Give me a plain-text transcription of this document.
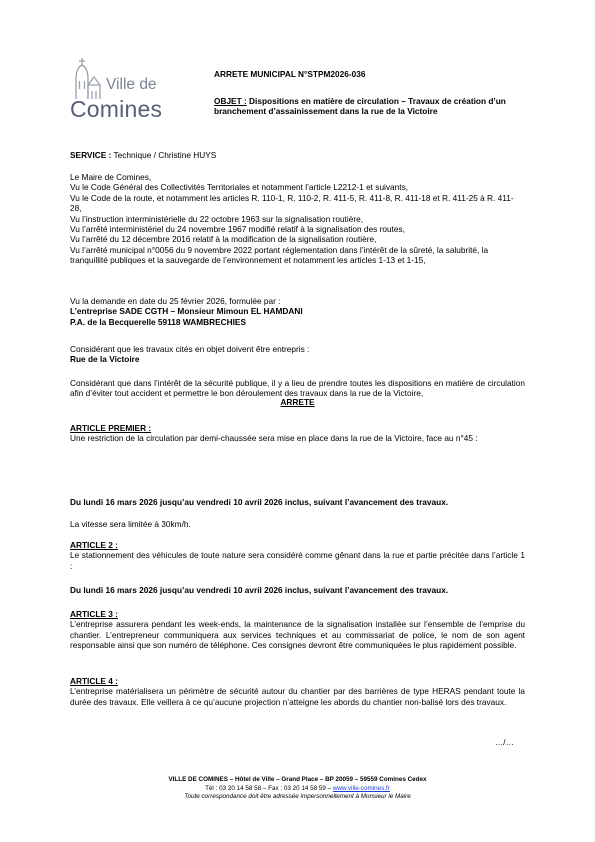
Ville de
Comines
ARRETE MUNICIPAL N°STPM2026-036
OBJET : Dispositions en matière de circulation – Travaux de création d’un branchement d’assainissement dans la rue de la Victoire
SERVICE : Technique / Christine HUYS

Le Maire de Comines,

Vu le Code Général des Collectivités Territoriales et notamment l’article L2212-1 et suivants,

Vu le Code de la route, et notamment les articles R. 110-1, R. 110-2, R. 411-5, R. 411-8, R. 411-18 et R. 411-25 à R. 411-28,

Vu l’instruction interministérielle du 22 octobre 1963 sur la signalisation routière,

Vu l’arrêté interministériel du 24 novembre 1967 modifié relatif à la signalisation des routes,

Vu l’arrêté du 12 décembre 2016 relatif à la modification de la signalisation routière,

Vu l’arrêté municipal n°0056 du 9 novembre 2022 portant réglementation dans l’intérêt de la sûreté, la salubrité, la tranquillité publiques et la sauvegarde de l’environnement et notamment les articles 1-13 et 1-15,

Vu la demande en date du 25 février 2026, formulée par :

L’entreprise SADE CGTH – Monsieur Mimoun EL HAMDANI

P.A. de la Becquerelle 59118 WAMBRECHIES

Considérant que les travaux cités en objet doivent être entrepris :

Rue de la Victoire

Considérant que dans l’intérêt de la sécurité publique, il y a lieu de prendre toutes les dispositions en matière de circulation afin d’éviter tout accident et permettre le bon déroulement des travaux dans la rue de la Victoire,

ARRETE

ARTICLE PREMIER :

Une restriction de la circulation par demi-chaussée sera mise en place dans la rue de la Victoire, face au n°45 :

Du lundi 16 mars 2026 jusqu’au vendredi 10 avril 2026 inclus, suivant l’avancement des travaux.

La vitesse sera limitée à 30km/h.

ARTICLE 2 :

Le stationnement des véhicules de toute nature sera considéré comme gênant dans la rue et partie précitée dans l’article 1 :

Du lundi 16 mars 2026 jusqu’au vendredi 10 avril 2026 inclus, suivant l’avancement des travaux.

ARTICLE 3 :

L’entreprise assurera pendant les week-ends, la maintenance de la signalisation installée sur l’ensemble de l’emprise du chantier. L’entrepreneur communiquera aux services techniques et au commissariat de police, le nom de son agent responsable ainsi que son numéro de téléphone. Ces consignes devront être communiquées le plus rapidement possible.

ARTICLE 4 :

L’entreprise matérialisera un périmètre de sécurité autour du chantier par des barrières de type HERAS pendant toute la durée des travaux. Elle veillera à ce qu’aucune projection n’atteigne les abords du chantier non-balisé lors des travaux.

…/…
VILLE DE COMINES – Hôtel de Ville – Grand Place – BP 20059 – 59559 Comines Cedex
Tél : 03 20 14 58 58 – Fax : 03 20 14 58 59 – www.ville-comines.fr
Toute correspondance doit être adressée impersonnellement à Monsieur le Maire
